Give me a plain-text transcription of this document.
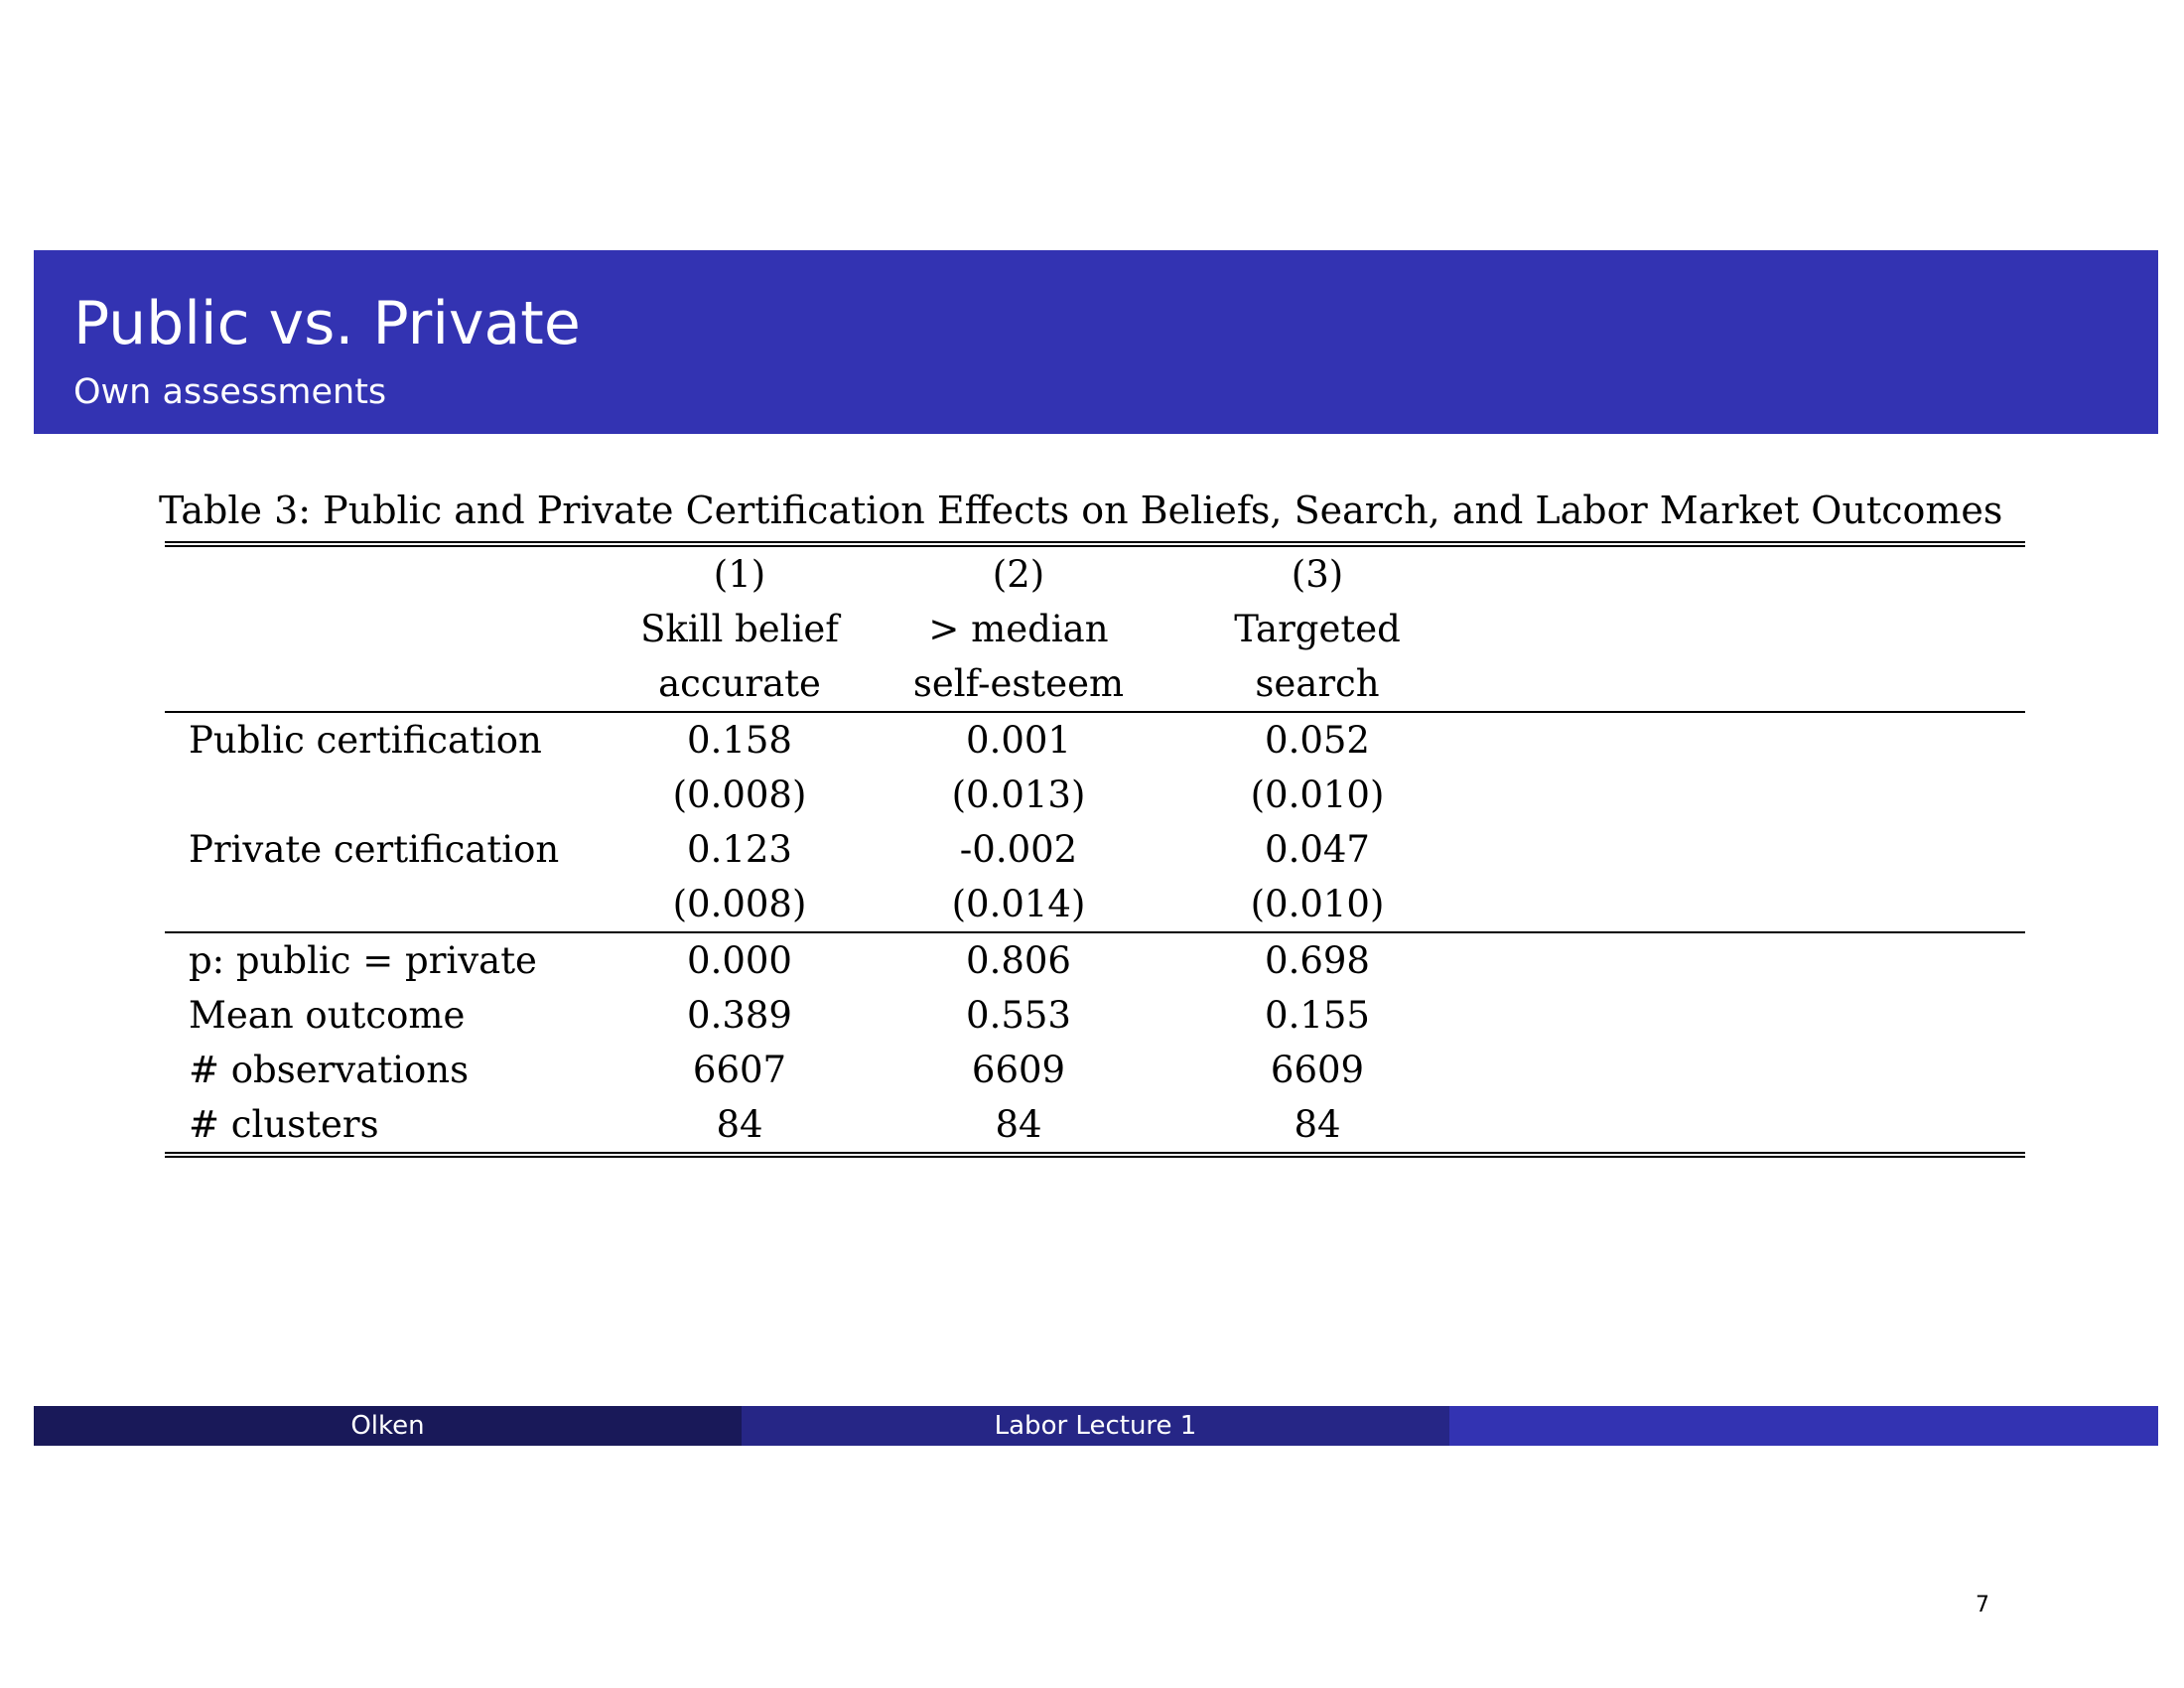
Public vs. Private
Own assessments
Table 3: Public and Private Certification Effects on Beliefs, Search, and Labor Market Outcomes
	(1)	(2)	(3)	
	Skill belief	> median	Targeted	
	accurate	self-esteem	search	
Public certification	0.158	0.001	0.052	
	(0.008)	(0.013)	(0.010)	
Private certification	0.123	-0.002	0.047	
	(0.008)	(0.014)	(0.010)	
p: public = private	0.000	0.806	0.698	
Mean outcome	0.389	0.553	0.155	
# observations	6607	6609	6609	
# clusters	84	84	84	
Olken	Labor Lecture 1
7
